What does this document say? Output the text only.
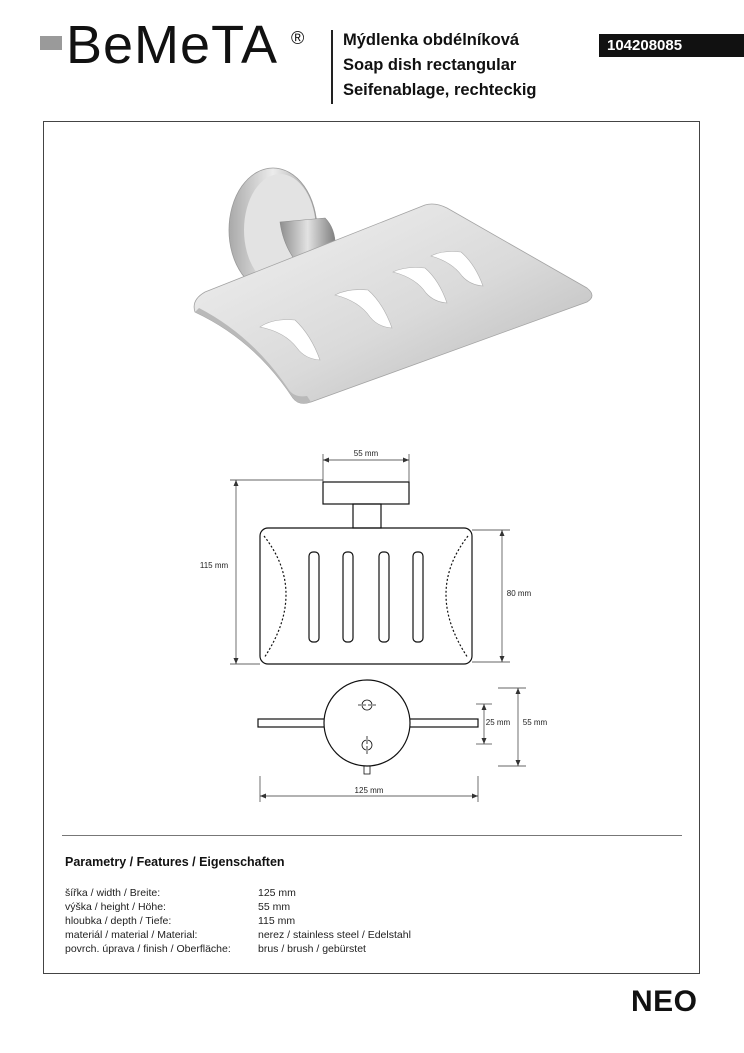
BeMeTA ® Mýdlenka obdélníková
Soap dish rectangular
Seifenablage, rechteckig
104208085
55 mm
115 mm
80 mm
25 mm 55 mm
125 mm
Parametry / Features / Eigenschaften
šířka / width / Breite:	125 mm
výška / height / Höhe:	55 mm
hloubka / depth / Tiefe:	115 mm
materiál / material / Material:	nerez / stainless steel / Edelstahl
povrch. úprava / finish / Oberfläche:	brus / brush / gebürstet
NEO
